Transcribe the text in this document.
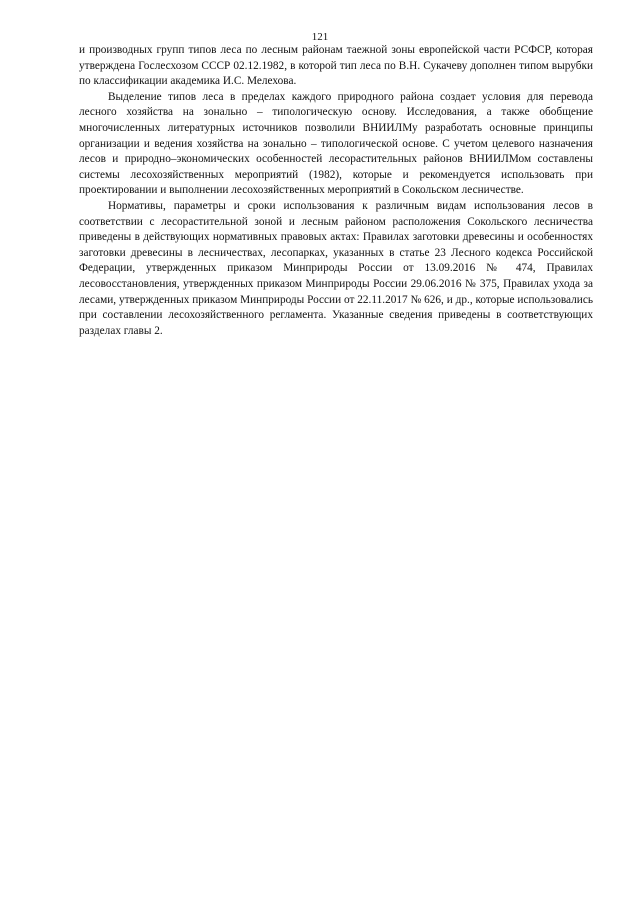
121

и производных групп типов леса по лесным районам таежной зоны европейской части РСФСР, которая утверждена Гослесхозом СССР 02.12.1982, в которой тип леса по В.Н. Сукачеву дополнен типом вырубки по классификации академика И.С. Мелехова.

Выделение типов леса в пределах каждого природного района создает условия для перевода лесного хозяйства на зонально – типологическую основу. Исследования, а также обобщение многочисленных литературных источников позволили ВНИИЛМу разработать основные принципы организации и ведения хозяйства на зонально – типологической основе. С учетом целевого назначения лесов и природно–экономических особенностей лесорастительных районов ВНИИЛМом составлены системы лесохозяйственных мероприятий (1982), которые и рекомендуется использовать при проектировании и выполнении лесохозяйственных мероприятий в Сокольском лесничестве.

Нормативы, параметры и сроки использования к различным видам использования лесов в соответствии с лесорастительной зоной и лесным районом расположения Сокольского лесничества приведены в действующих нормативных правовых актах: Правилах заготовки древесины и особенностях заготовки древесины в лесничествах, лесопарках, указанных в статье 23 Лесного кодекса Российской Федерации, утвержденных приказом Минприроды России от 13.09.2016 № 474, Правилах лесовосстановления, утвержденных приказом Минприроды России 29.06.2016 № 375, Правилах ухода за лесами, утвержденных приказом Минприроды России от 22.11.2017 № 626, и др., которые использовались при составлении лесохозяйственного регламента. Указанные сведения приведены в соответствующих разделах главы 2.
